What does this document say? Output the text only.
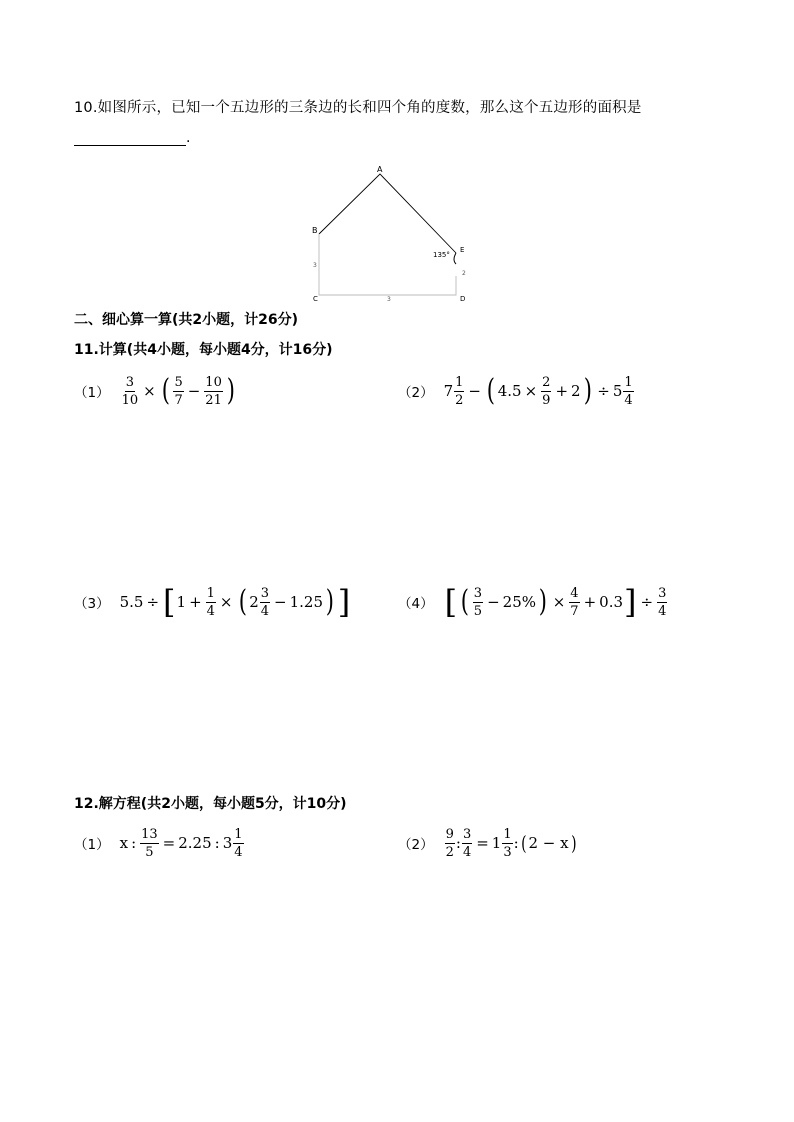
10.如图所示，已知一个五边形的三条边的长和四个角的度数，那么这个五边形的面积是
.
A
B
C	D
E
135°
3
3
2
二、细心算一算(共2小题，计26分)
11.计算(共4小题，每小题4分，计16分)
$(1) \frac{3}{10}$ × ( $\frac{5}{7} - \frac{10}{21}$ )	（2） $7 \frac{1}{2}$ − ( $4.5 \times \frac{2}{9} + 2$ ) ÷ $5 \frac{1}{4}$
（3） 5.5 ÷ [ $1 + \frac{1}{4}$ × ( $2 \frac{3}{4} - 1.25$ ) ]	（4） [ ( $\frac{3}{5} - 25\%$ ) × $\frac{4}{7} + 0.3$ ] ÷ $\frac{3}{4}$
12.解方程(共2小题，每小题5分，计10分)
（1） x : $\frac{13}{5} = 2.25$ : $3 \frac{1}{4}$	$(2) \frac{9}{2}$ : $\frac{3}{4} = 1 \frac{1}{3}$ : ( 2 − x )
